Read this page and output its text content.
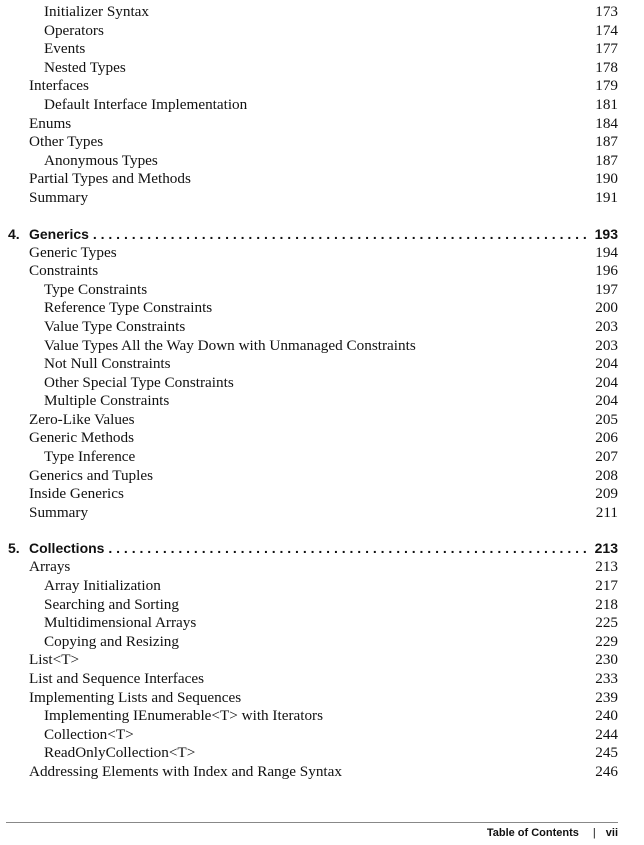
Initializer Syntax	173
Operators	174
Events	177
Nested Types	178
Interfaces	179
Default Interface Implementation	181
Enums	184
Other Types	187
Anonymous Types	187
Partial Types and Methods	190
Summary	191
4. Generics . . .	193
Generic Types	194
Constraints	196
Type Constraints	197
Reference Type Constraints	200
Value Type Constraints	203
Value Types All the Way Down with Unmanaged Constraints	203
Not Null Constraints	204
Other Special Type Constraints	204
Multiple Constraints	204
Zero-Like Values	205
Generic Methods	206
Type Inference	207
Generics and Tuples	208
Inside Generics	209
Summary	211
5. Collections . . .	213
Arrays	213
Array Initialization	217
Searching and Sorting	218
Multidimensional Arrays	225
Copying and Resizing	229
List<T>	230
List and Sequence Interfaces	233
Implementing Lists and Sequences	239
Implementing IEnumerable<T> with Iterators	240
Collection<T>	244
ReadOnlyCollection<T>	245
Addressing Elements with Index and Range Syntax	246
Table of Contents | vii
